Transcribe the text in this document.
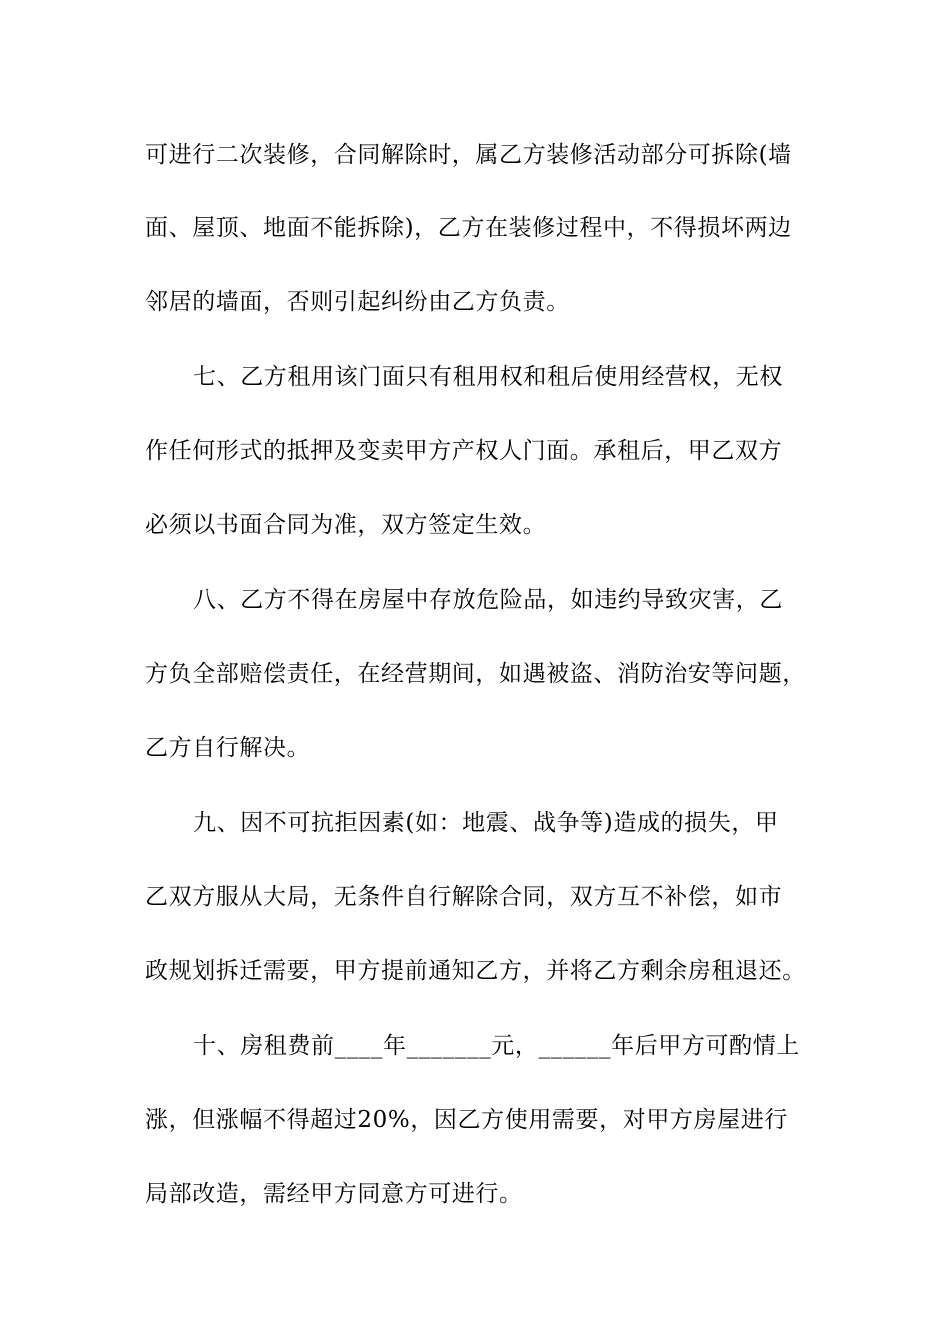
可进行二次装修，合同解除时，属乙方装修活动部分可拆除(墙
面、屋顶、地面不能拆除)，乙方在装修过程中，不得损坏两边
邻居的墙面，否则引起纠纷由乙方负责。
七、乙方租用该门面只有租用权和租后使用经营权，无权
作任何形式的抵押及变卖甲方产权人门面。承租后，甲乙双方
必须以书面合同为准，双方签定生效。
八、乙方不得在房屋中存放危险品，如违约导致灾害，乙
方负全部赔偿责任，在经营期间，如遇被盗、消防治安等问题，
乙方自行解决。
九、因不可抗拒因素(如：地震、战争等)造成的损失，甲
乙双方服从大局，无条件自行解除合同，双方互不补偿，如市
政规划拆迁需要，甲方提前通知乙方，并将乙方剩余房租退还。
十、房租费前____年_______元，______年后甲方可酌情上
涨，但涨幅不得超过20%，因乙方使用需要，对甲方房屋进行
局部改造，需经甲方同意方可进行。
